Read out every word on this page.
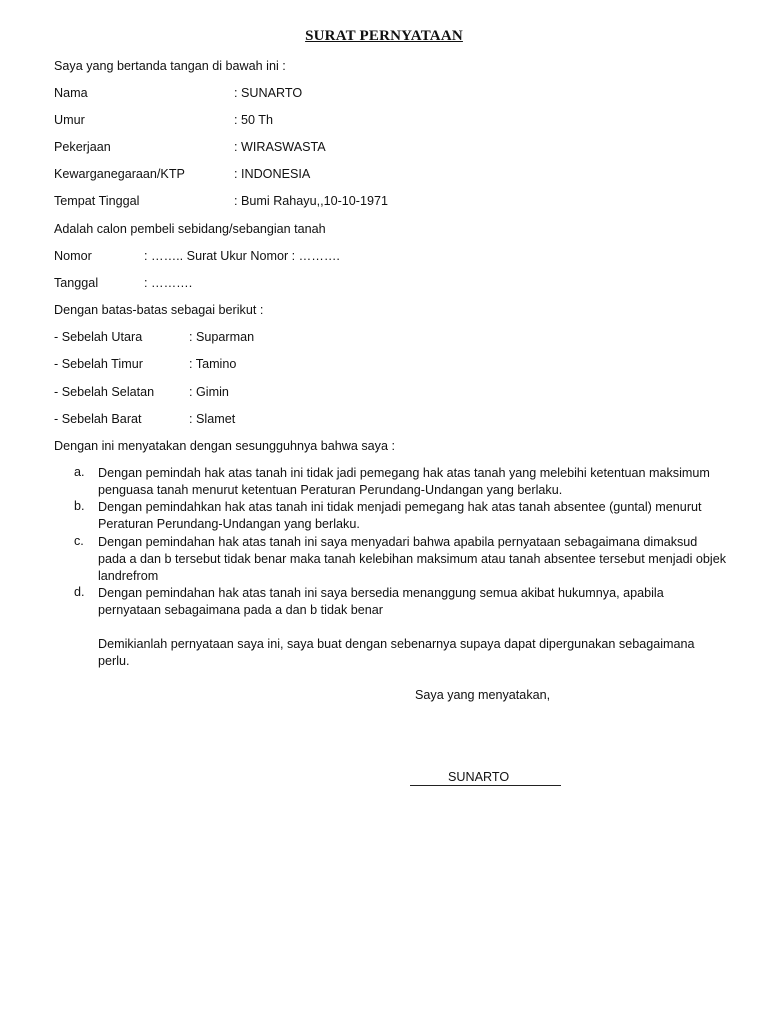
SURAT PERNYATAAN
Saya yang bertanda tangan di bawah ini :
Nama	: SUNARTO
Umur	: 50 Th
Pekerjaan	: WIRASWASTA
Kewarganegaraan/KTP	: INDONESIA
Tempat Tinggal	: Bumi Rahayu,,10-10-1971
Adalah calon pembeli sebidang/sebangian tanah
Nomor	: …….. Surat Ukur Nomor : ……….
Tanggal	: ……….
Dengan batas-batas sebagai berikut :
- Sebelah Utara	: Suparman
- Sebelah Timur	: Tamino
- Sebelah Selatan	: Gimin
- Sebelah Barat	: Slamet
Dengan ini menyatakan dengan sesungguhnya bahwa saya :
a. Dengan pemindah hak atas tanah ini tidak jadi pemegang hak atas tanah yang melebihi ketentuan maksimum penguasa tanah menurut ketentuan Peraturan Perundang-Undangan yang berlaku.
b. Dengan pemindahkan hak atas tanah ini tidak menjadi pemegang hak atas tanah absentee (guntal) menurut Peraturan Perundang-Undangan yang berlaku.
c. Dengan pemindahan hak atas tanah ini saya menyadari bahwa apabila pernyataan sebagaimana dimaksud pada a dan b tersebut tidak benar maka tanah kelebihan maksimum atau tanah absentee tersebut menjadi objek landrefrom
d. Dengan pemindahan hak atas tanah ini saya bersedia menanggung semua akibat hukumnya, apabila pernyataan sebagaimana pada a dan b tidak benar
Demikianlah pernyataan saya ini, saya buat dengan sebenarnya supaya dapat dipergunakan sebagaimana perlu.
Saya yang menyatakan,
SUNARTO
